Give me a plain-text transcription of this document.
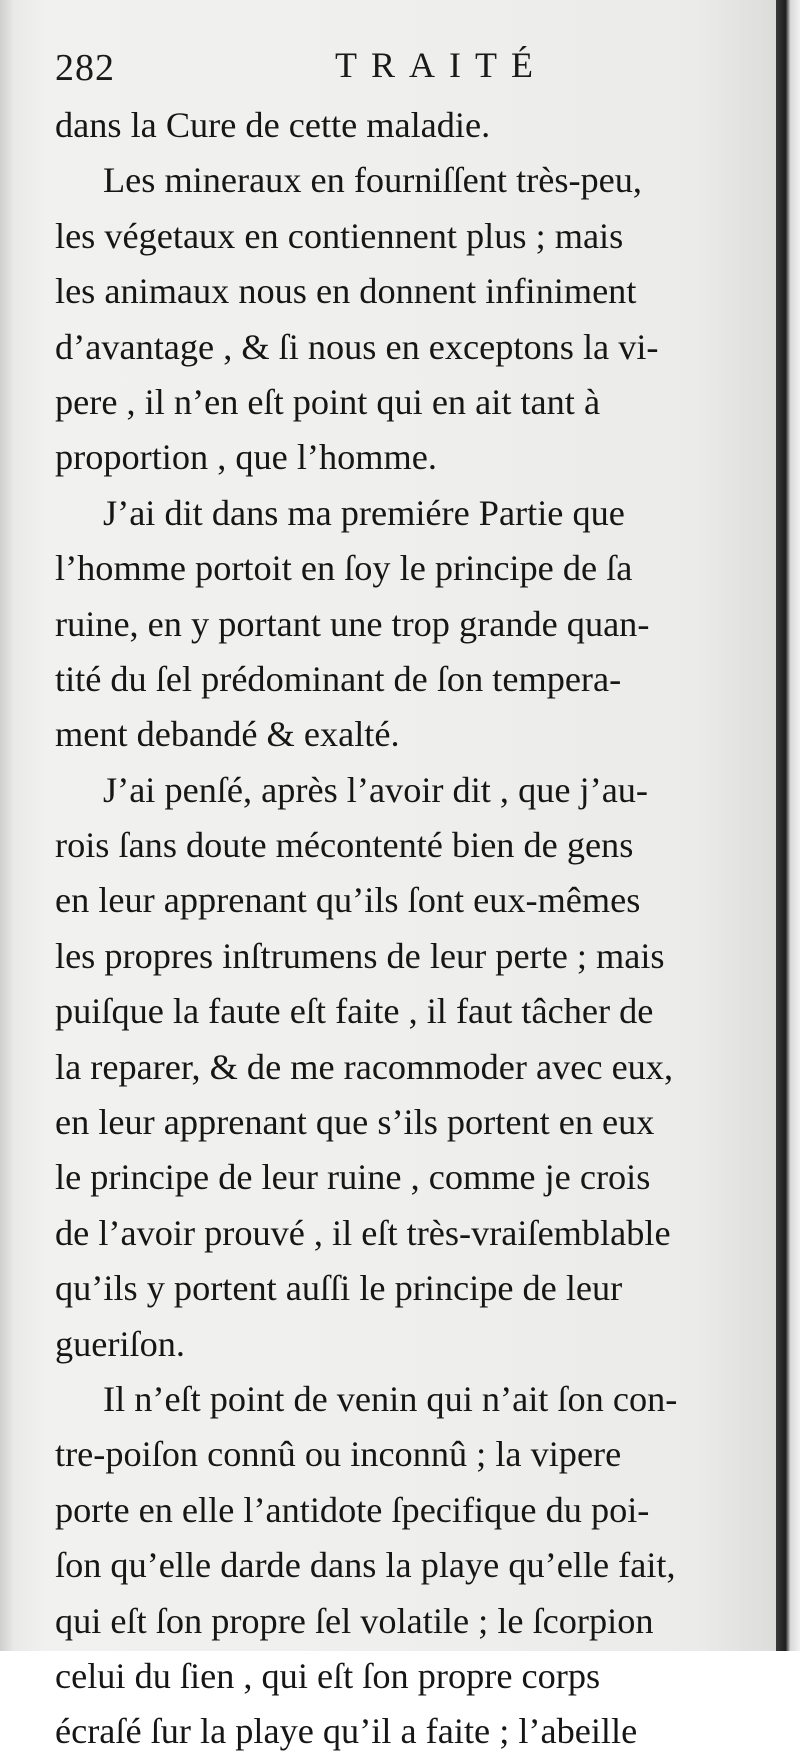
282	TRAITÉ
dans la Cure de cette maladie.
Les mineraux en fourniſſent très-peu,
les végetaux en contiennent plus ; mais
les animaux nous en donnent infiniment
d’avantage , & ſi nous en exceptons la vi-
pere , il n’en eſt point qui en ait tant à
proportion , que l’homme.
J’ai dit dans ma premiére Partie que
l’homme portoit en ſoy le principe de ſa
ruine, en y portant une trop grande quan-
tité du ſel prédominant de ſon tempera-
ment debandé & exalté.
J’ai penſé, après l’avoir dit , que j’au-
rois ſans doute mécontenté bien de gens
en leur apprenant qu’ils ſont eux-mêmes
les propres inſtrumens de leur perte ; mais
puiſque la faute eſt faite , il faut tâcher de
la reparer, & de me racommoder avec eux,
en leur apprenant que s’ils portent en eux
le principe de leur ruine , comme je crois
de l’avoir prouvé , il eſt très-vraiſemblable
qu’ils y portent auſſi le principe de leur
gueriſon.
Il n’eſt point de venin qui n’ait ſon con-
tre-poiſon connû ou inconnû ; la vipere
porte en elle l’antidote ſpecifique du poi-
ſon qu’elle darde dans la playe qu’elle fait,
qui eſt ſon propre ſel volatile ; le ſcorpion
celui du ſien , qui eſt ſon propre corps
écraſé ſur la playe qu’il a faite ; l’abeille
